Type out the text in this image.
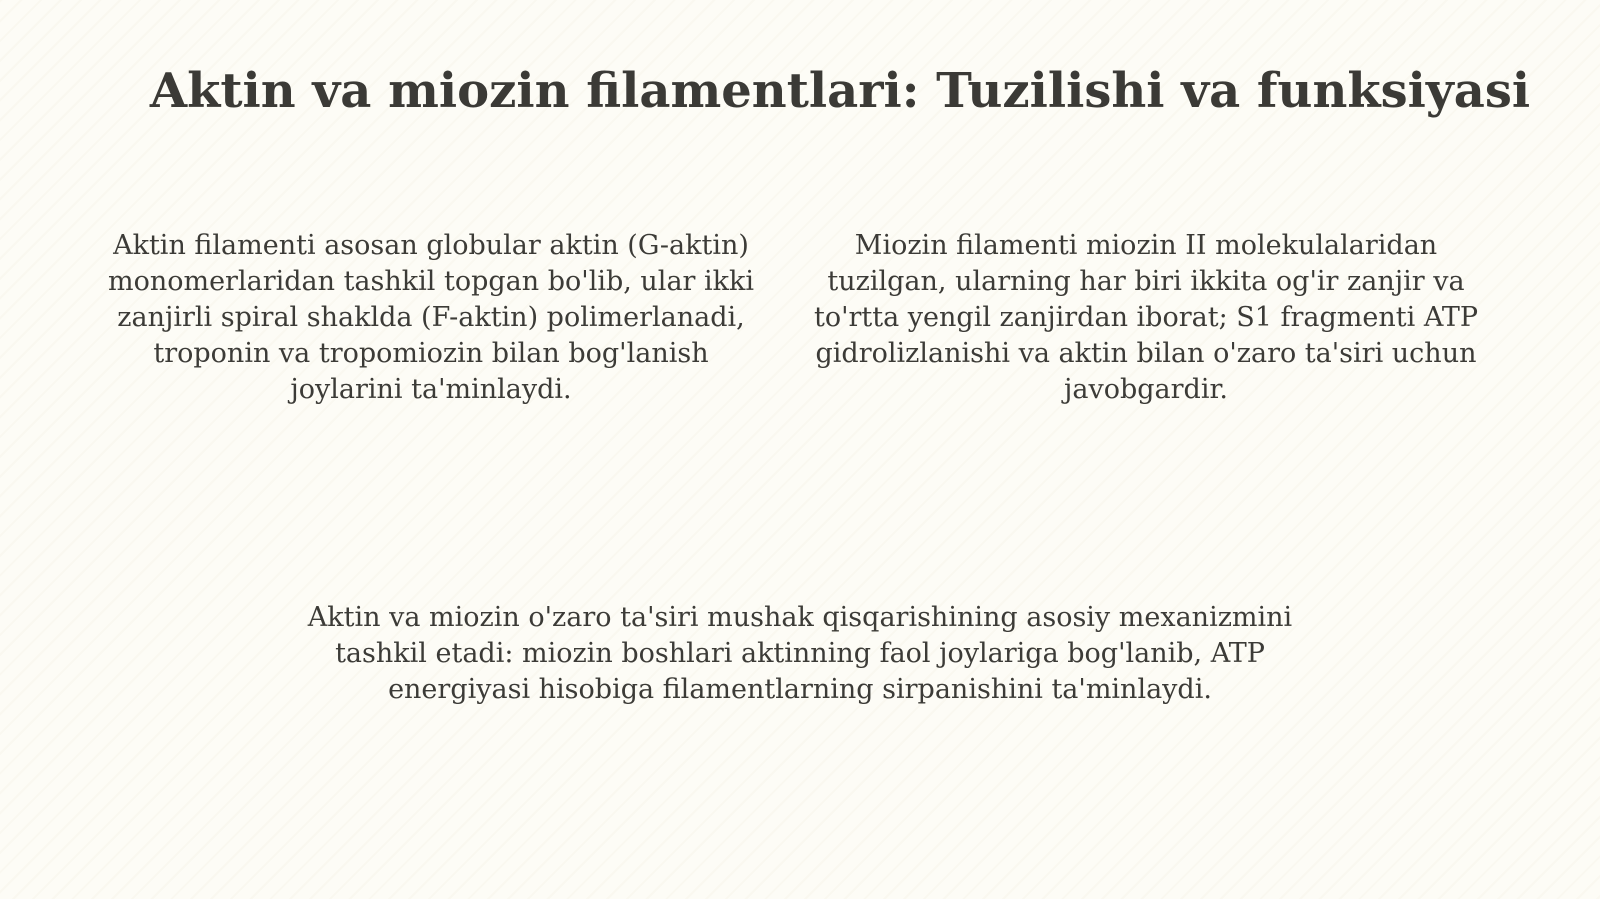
Aktin va miozin filamentlari: Tuzilishi va funksiyasi

Aktin filamenti asosan globular aktin (G-aktin) monomerlaridan tashkil topgan bo'lib, ular ikki zanjirli spiral shaklda (F-aktin) polimerlanadi, troponin va tropomiozin bilan bog'lanish joylarini ta'minlaydi.

Miozin filamenti miozin II molekulalaridan tuzilgan, ularning har biri ikkita og'ir zanjir va to'rtta yengil zanjirdan iborat; S1 fragmenti ATP gidrolizlanishi va aktin bilan o'zaro ta'siri uchun javobgardir.

Aktin va miozin o'zaro ta'siri mushak qisqarishining asosiy mexanizmini tashkil etadi: miozin boshlari aktinning faol joylariga bog'lanib, ATP energiyasi hisobiga filamentlarning sirpanishini ta'minlaydi.
